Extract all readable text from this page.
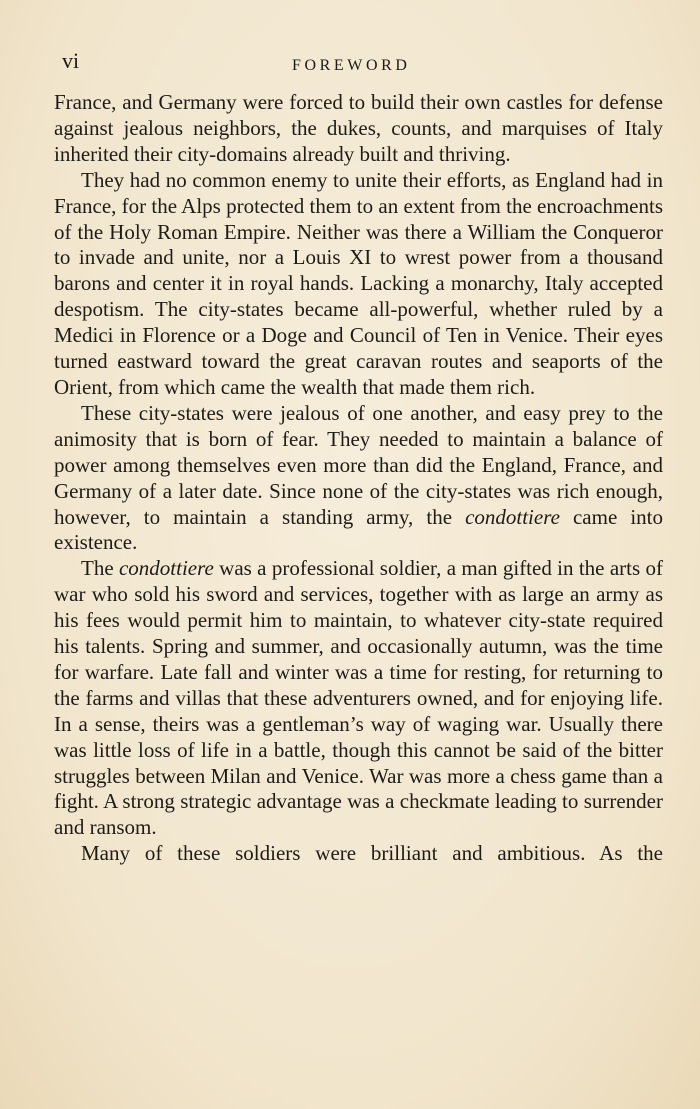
vi	FOREWORD

France, and Germany were forced to build their own castles for defense against jealous neighbors, the dukes, counts, and marquises of Italy inherited their city-domains already built and thriving.

They had no common enemy to unite their efforts, as England had in France, for the Alps protected them to an extent from the encroachments of the Holy Roman Empire. Neither was there a William the Conqueror to invade and unite, nor a Louis XI to wrest power from a thousand barons and center it in royal hands. Lacking a monarchy, Italy accepted despotism. The city-states became all-powerful, whether ruled by a Medici in Florence or a Doge and Council of Ten in Venice. Their eyes turned eastward toward the great caravan routes and seaports of the Orient, from which came the wealth that made them rich.

These city-states were jealous of one another, and easy prey to the animosity that is born of fear. They needed to maintain a balance of power among themselves even more than did the England, France, and Germany of a later date. Since none of the city-states was rich enough, however, to maintain a standing army, the condottiere came into existence.

The condottiere was a professional soldier, a man gifted in the arts of war who sold his sword and services, together with as large an army as his fees would permit him to maintain, to whatever city-state required his talents. Spring and summer, and occasionally autumn, was the time for warfare. Late fall and winter was a time for resting, for returning to the farms and villas that these adventurers owned, and for enjoying life. In a sense, theirs was a gentleman’s way of waging war. Usually there was little loss of life in a battle, though this cannot be said of the bitter struggles between Milan and Venice. War was more a chess game than a fight. A strong strategic advantage was a checkmate leading to surrender and ransom.

Many of these soldiers were brilliant and ambitious. As the
